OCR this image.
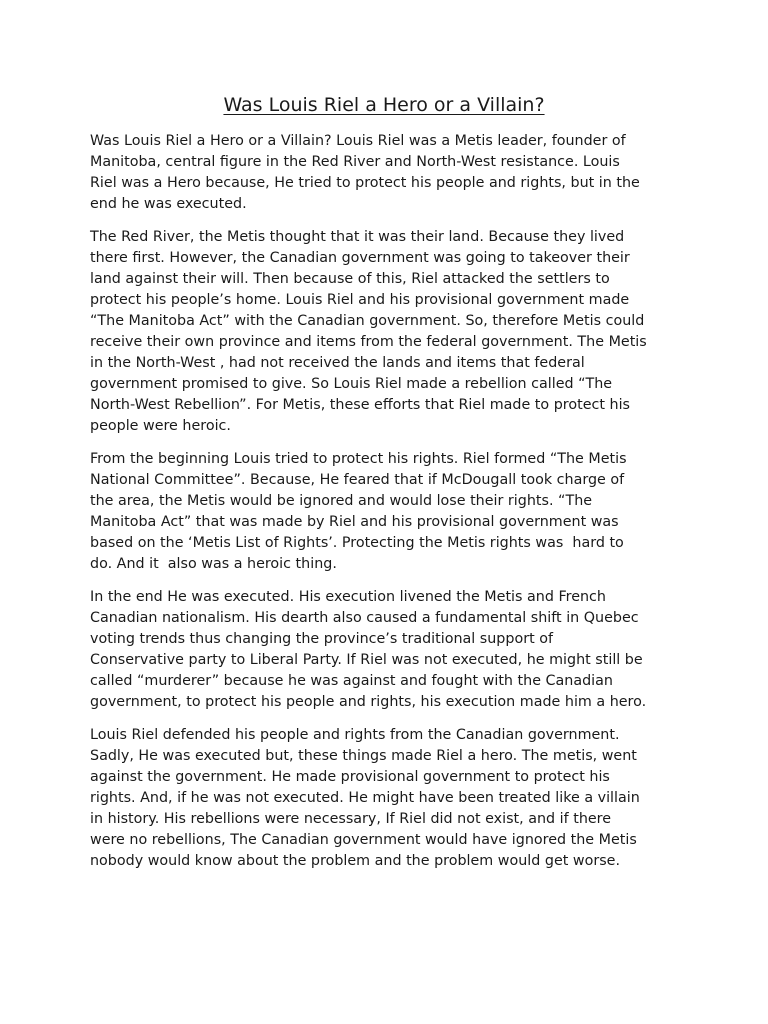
Was Louis Riel a Hero or a Villain?

Was Louis Riel a Hero or a Villain? Louis Riel was a Metis leader, founder of
Manitoba, central figure in the Red River and North-West resistance. Louis
Riel was a Hero because, He tried to protect his people and rights, but in the
end he was executed.

The Red River, the Metis thought that it was their land. Because they lived
there first. However, the Canadian government was going to takeover their
land against their will. Then because of this, Riel attacked the settlers to
protect his people’s home. Louis Riel and his provisional government made
“The Manitoba Act” with the Canadian government. So, therefore Metis could
receive their own province and items from the federal government. The Metis
in the North-West , had not received the lands and items that federal
government promised to give. So Louis Riel made a rebellion called “The
North-West Rebellion”. For Metis, these efforts that Riel made to protect his
people were heroic.

From the beginning Louis tried to protect his rights. Riel formed “The Metis
National Committee”. Because, He feared that if McDougall took charge of
the area, the Metis would be ignored and would lose their rights. “The
Manitoba Act” that was made by Riel and his provisional government was
based on the ‘Metis List of Rights’. Protecting the Metis rights was  hard to
do. And it  also was a heroic thing.

In the end He was executed. His execution livened the Metis and French
Canadian nationalism. His dearth also caused a fundamental shift in Quebec
voting trends thus changing the province’s traditional support of
Conservative party to Liberal Party. If Riel was not executed, he might still be
called “murderer” because he was against and fought with the Canadian
government, to protect his people and rights, his execution made him a hero.

Louis Riel defended his people and rights from the Canadian government.
Sadly, He was executed but, these things made Riel a hero. The metis, went
against the government. He made provisional government to protect his
rights. And, if he was not executed. He might have been treated like a villain
in history. His rebellions were necessary, If Riel did not exist, and if there
were no rebellions, The Canadian government would have ignored the Metis
nobody would know about the problem and the problem would get worse.
